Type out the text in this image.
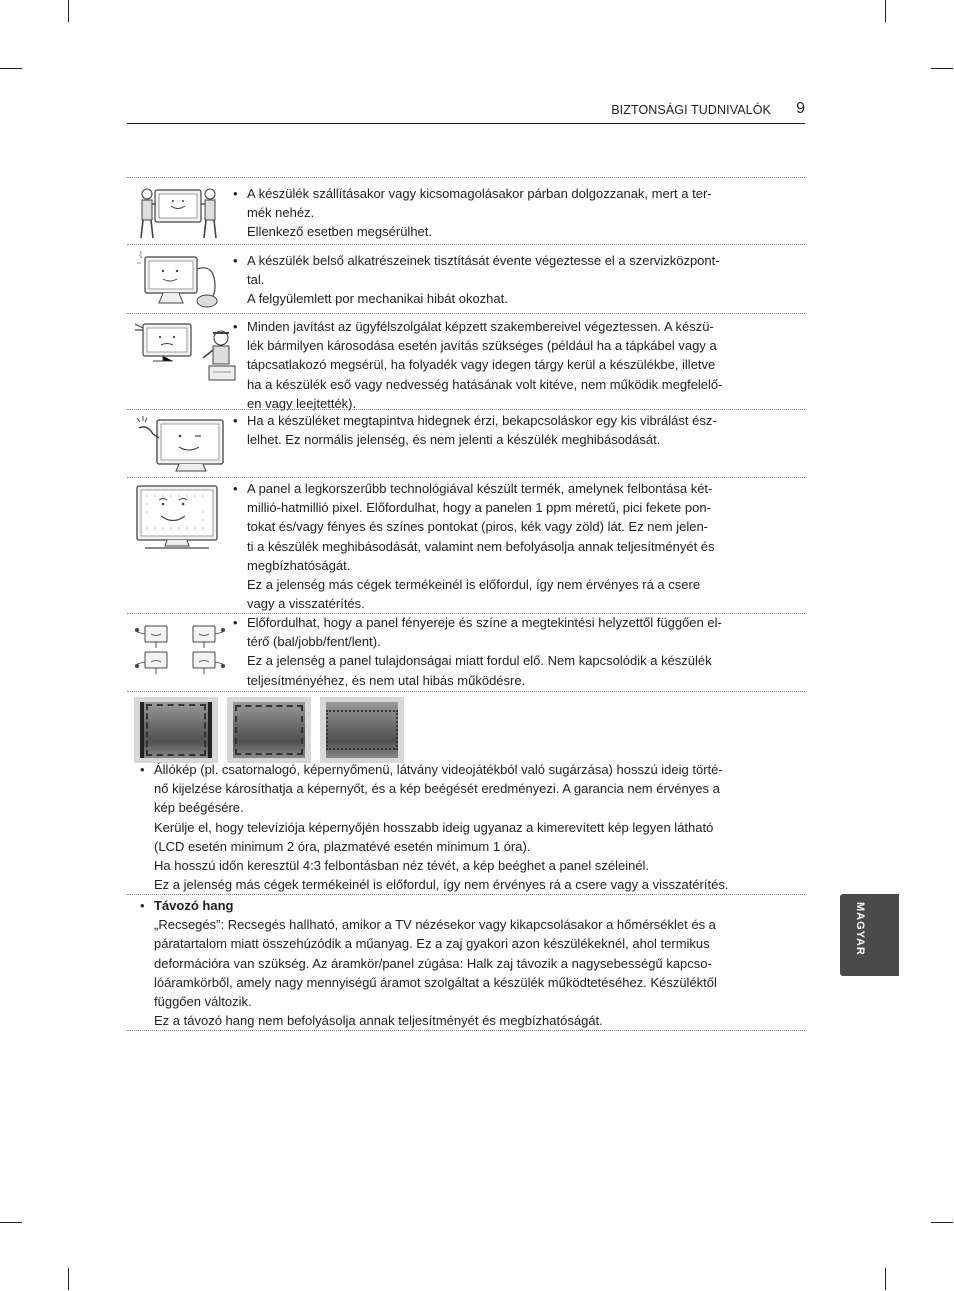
BIZTONSÁGI TUDNIVALÓK 9
• A készülék szállításakor vagy kicsomagolásakor párban dolgozzanak, mert a ter-
mék nehéz.
Ellenkező esetben megsérülhet.
• A készülék belső alkatrészeinek tisztítását évente végeztesse el a szervizközpont-
tal.
A felgyülemlett por mechanikai hibát okozhat.
• Minden javítást az ügyfélszolgálat képzett szakembereivel végeztessen. A készü-
lék bármilyen károsodása esetén javítás szükséges (például ha a tápkábel vagy a
tápcsatlakozó megsérül, ha folyadék vagy idegen tárgy kerül a készülékbe, illetve
ha a készülék eső vagy nedvesség hatásának volt kitéve, nem működik megfelelő-
en vagy leejtették).
• Ha a készüléket megtapintva hidegnek érzi, bekapcsoláskor egy kis vibrálást ész-
lelhet. Ez normális jelenség, és nem jelenti a készülék meghibásodását.
• A panel a legkorszerűbb technológiával készült termék, amelynek felbontása két-
millió-hatmillió pixel. Előfordulhat, hogy a panelen 1 ppm méretű, pici fekete pon-
tokat és/vagy fényes és színes pontokat (piros, kék vagy zöld) lát. Ez nem jelen-
ti a készülék meghibásodását, valamint nem befolyásolja annak teljesítményét és
megbízhatóságát.
Ez a jelenség más cégek termékeinél is előfordul, így nem érvényes rá a csere
vagy a visszatérítés.
• Előfordulhat, hogy a panel fényereje és színe a megtekintési helyzettől függően el-
térő (bal/jobb/fent/lent).
Ez a jelenség a panel tulajdonságai miatt fordul elő. Nem kapcsolódik a készülék
teljesítményéhez, és nem utal hibás működésre.
• Állókép (pl. csatornalogó, képernyőmenü, látvány videojátékból való sugárzása) hosszú ideig törté-
nő kijelzése károsíthatja a képernyőt, és a kép beégését eredményezi. A garancia nem érvényes a
kép beégésére.
Kerülje el, hogy televíziója képernyőjén hosszabb ideig ugyanaz a kimerevített kép legyen látható
(LCD esetén minimum 2 óra, plazmatévé esetén minimum 1 óra).
Ha hosszú időn keresztül 4:3 felbontásban néz tévét, a kép beéghet a panel széleinél.
Ez a jelenség más cégek termékeinél is előfordul, így nem érvényes rá a csere vagy a visszatérítés.
• Távozó hang
„Recsegés”: Recsegés hallható, amikor a TV nézésekor vagy kikapcsolásakor a hőmérséklet és a
páratartalom miatt összehúzódik a műanyag. Ez a zaj gyakori azon készülékeknél, ahol termikus
deformációra van szükség. Az áramkör/panel zúgása: Halk zaj távozik a nagysebességű kapcso-
lóáramkörből, amely nagy mennyiségű áramot szolgáltat a készülék működtetéséhez. Készüléktől
függően változik.
Ez a távozó hang nem befolyásolja annak teljesítményét és megbízhatóságát.
MAGYAR
